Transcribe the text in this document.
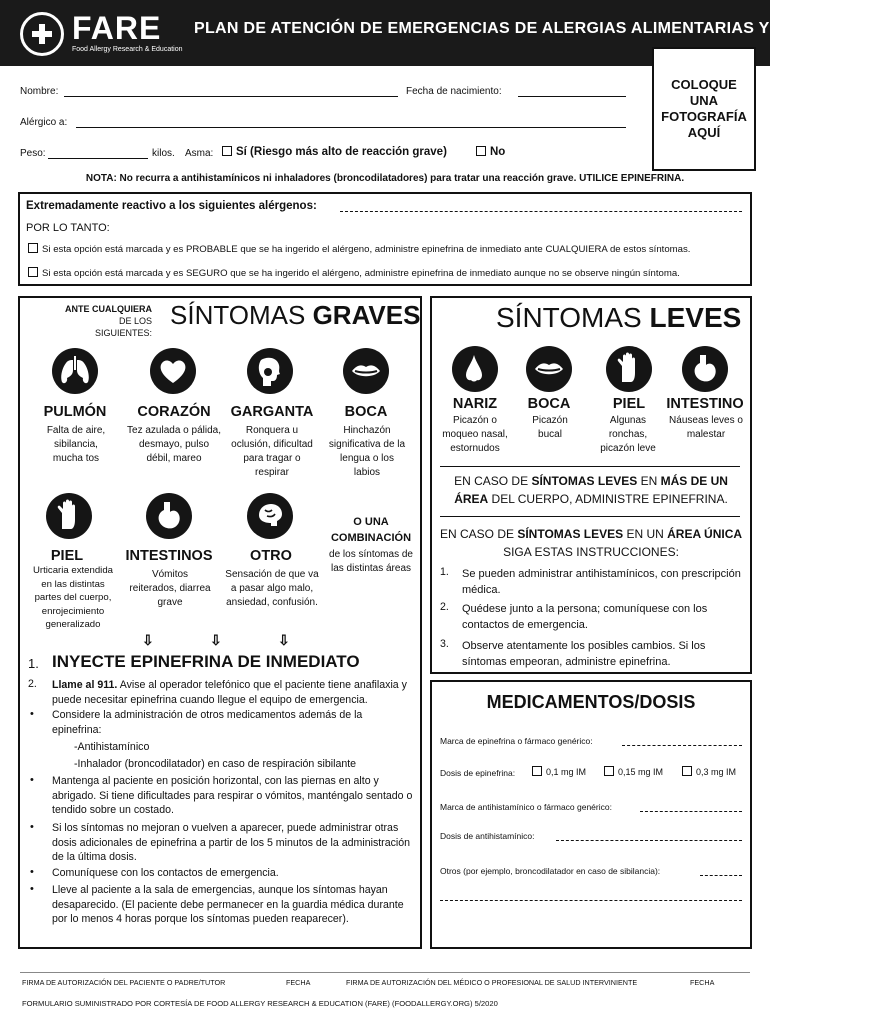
FARE
Food Allergy Research & Education
PLAN DE ATENCIÓN DE EMERGENCIAS DE ALERGIAS ALIMENTARIAS Y ANAFILAXIA
COLOQUE UNA FOTOGRAFÍA AQUÍ
Nombre:	Fecha de nacimiento:
Alérgico a:
Peso:	kilos. Asma:	Sí (Riesgo más alto de reacción grave)	No
NOTA: No recurra a antihistamínicos ni inhaladores (broncodilatadores) para tratar una reacción grave. UTILICE EPINEFRINA.
Extremadamente reactivo a los siguientes alérgenos:
POR LO TANTO:
Si esta opción está marcada y es PROBABLE que se ha ingerido el alérgeno, administre epinefrina de inmediato ante CUALQUIERA de estos síntomas.
Si esta opción está marcada y es SEGURO que se ha ingerido el alérgeno, administre epinefrina de inmediato aunque no se observe ningún síntoma.
ANTE CUALQUIERA
DE LOS SIGUIENTES:
SÍNTOMAS GRAVES
PULMÓN	CORAZÓN	GARGANTA	BOCA
Falta de aire, sibilancia, mucha tos
Tez azulada o pálida, desmayo, pulso débil, mareo
Ronquera u oclusión, dificultad para tragar o respirar
Hinchazón significativa de la lengua o los labios
PIEL	INTESTINOS	OTRO
Urticaria extendida en las distintas partes del cuerpo, enrojecimiento generalizado
Vómitos reiterados, diarrea grave
Sensación de que va a pasar algo malo, ansiedad, confusión.
O UNA
COMBINACIÓN
de los síntomas de las distintas áreas
⇩	⇩	⇩
1. INYECTE EPINEFRINA DE INMEDIATO
2. Llame al 911. Avise al operador telefónico que el paciente tiene anafilaxia y puede necesitar epinefrina cuando llegue el equipo de emergencia.
• Considere la administración de otros medicamentos además de la epinefrina:
-Antihistamínico
-Inhalador (broncodilatador) en caso de respiración sibilante
• Mantenga al paciente en posición horizontal, con las piernas en alto y abrigado. Si tiene dificultades para respirar o vómitos, manténgalo sentado o tendido sobre un costado.
• Si los síntomas no mejoran o vuelven a aparecer, puede administrar otras dosis adicionales de epinefrina a partir de los 5 minutos de la administración de la última dosis.
• Comuníquese con los contactos de emergencia.
• Lleve al paciente a la sala de emergencias, aunque los síntomas hayan desaparecido. (El paciente debe permanecer en la guardia médica durante por lo menos 4 horas porque los síntomas pueden reaparecer).
SÍNTOMAS LEVES
NARIZ	BOCA	PIEL	INTESTINO
Picazón o moqueo nasal, estornudos
Picazón bucal
Algunas ronchas, picazón leve
Náuseas leves o malestar
EN CASO DE SÍNTOMAS LEVES EN MÁS DE UN
ÁREA DEL CUERPO, ADMINISTRE EPINEFRINA.
EN CASO DE SÍNTOMAS LEVES EN UN ÁREA ÚNICA
SIGA ESTAS INSTRUCCIONES:
1. Se pueden administrar antihistamínicos, con prescripción médica.
2. Quédese junto a la persona; comuníquese con los contactos de emergencia.
3. Observe atentamente los posibles cambios. Si los síntomas empeoran, administre epinefrina.
MEDICAMENTOS/DOSIS
Marca de epinefrina o fármaco genérico:
Dosis de epinefrina:	0,1 mg IM	0,15 mg IM	0,3 mg IM
Marca de antihistamínico o fármaco genérico:
Dosis de antihistamínico:
Otros (por ejemplo, broncodilatador en caso de sibilancia):
FIRMA DE AUTORIZACIÓN DEL PACIENTE O PADRE/TUTOR	FECHA	FIRMA DE AUTORIZACIÓN DEL MÉDICO O PROFESIONAL DE SALUD INTERVINIENTE	FECHA
FORMULARIO SUMINISTRADO POR CORTESÍA DE FOOD ALLERGY RESEARCH & EDUCATION (FARE) (FOODALLERGY.ORG) 5/2020
